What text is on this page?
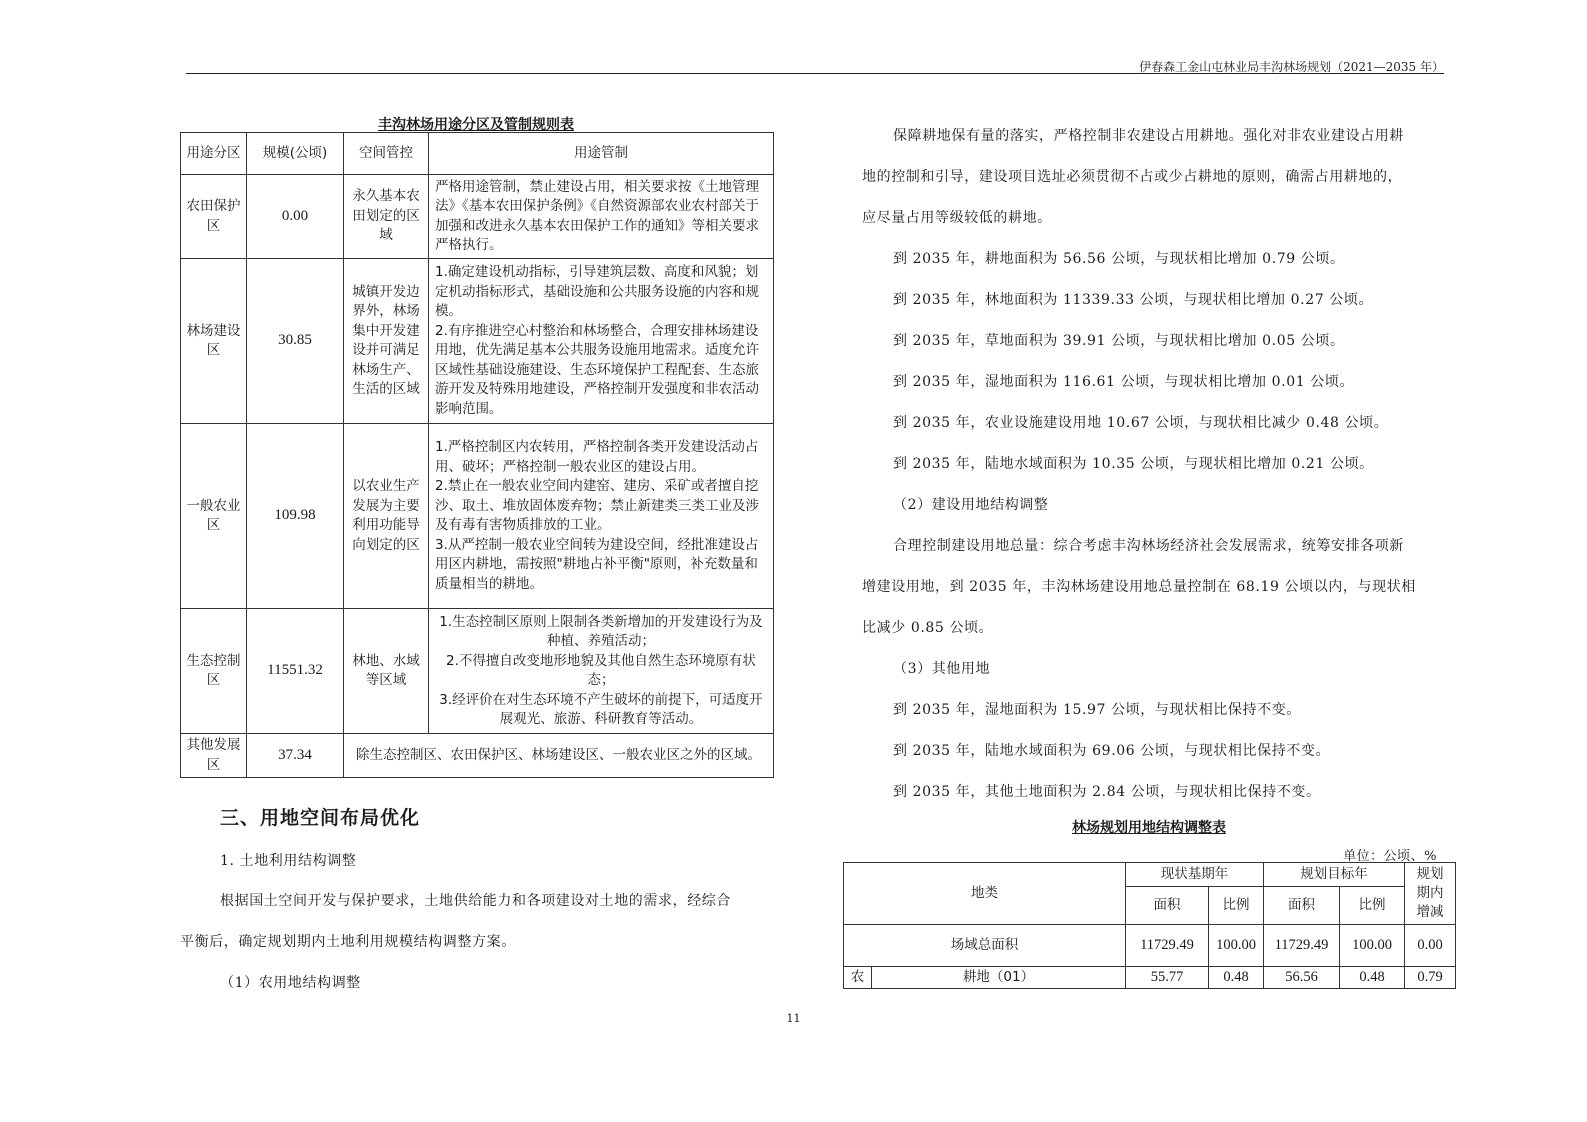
伊春森工金山屯林业局丰沟林场规划（2021—2035 年）
丰沟林场用途分区及管制规则表
用途分区	规模(公顷)	空间管控	用途管制
农田保护区	0.00	永久基本农田划定的区域	严格用途管制，禁止建设占用，相关要求按《土地管理法》《基本农田保护条例》《自然资源部农业农村部关于加强和改进永久基本农田保护工作的通知》等相关要求严格执行。

林场建设区	30.85	城镇开发边界外，林场集中开发建设并可满足林场生产、生活的区域	1.确定建设机动指标，引导建筑层数、高度和风貌；划定机动指标形式，基础设施和公共服务设施的内容和规模。
2.有序推进空心村整治和林场整合，合理安排林场建设用地，优先满足基本公共服务设施用地需求。适度允许区域性基础设施建设、生态环境保护工程配套、生态旅游开发及特殊用地建设，严格控制开发强度和非农活动影响范围。

一般农业区	109.98	以农业生产发展为主要 利用功能导向划定的区	1.严格控制区内农转用，严格控制各类开发建设活动占用、破坏；严格控制一般农业区的建设占用。
2.禁止在一般农业空间内建窑、建房、采矿或者擅自挖沙、取土、堆放固体废弃物；禁止新建类三类工业及涉及有毒有害物质排放的工业。
3.从严控制一般农业空间转为建设空间，经批准建设占用区内耕地，需按照"耕地占补平衡"原则，补充数量和质量相当的耕地。

生态控制区	11551.32	林地、水域等区域	1.生态控制区原则上限制各类新增加的开发建设行为及种植、养殖活动；
2.不得擅自改变地形地貌及其他自然生态环境原有状态；
3.经评价在对生态环境不产生破坏的前提下，可适度开展观光、旅游、科研教育等活动。

其他发展区	37.34	除生态控制区、农田保护区、林场建设区、一般农业区之外的区域。	
三、用地空间布局优化
1. 土地利用结构调整
根据国土空间开发与保护要求，土地供给能力和各项建设对土地的需求，经综合
平衡后，确定规划期内土地利用规模结构调整方案。
（1）农用地结构调整
保障耕地保有量的落实，严格控制非农建设占用耕地。强化对非农业建设占用耕
地的控制和引导，建设项目选址必须贯彻不占或少占耕地的原则，确需占用耕地的，
应尽量占用等级较低的耕地。
到 2035 年，耕地面积为 56.56 公顷，与现状相比增加 0.79 公顷。
到 2035 年，林地面积为 11339.33 公顷，与现状相比增加 0.27 公顷。
到 2035 年，草地面积为 39.91 公顷，与现状相比增加 0.05 公顷。
到 2035 年，湿地面积为 116.61 公顷，与现状相比增加 0.01 公顷。
到 2035 年，农业设施建设用地 10.67 公顷，与现状相比减少 0.48 公顷。
到 2035 年，陆地水域面积为 10.35 公顷，与现状相比增加 0.21 公顷。
（2）建设用地结构调整
合理控制建设用地总量：综合考虑丰沟林场经济社会发展需求，统筹安排各项新
增建设用地，到 2035 年，丰沟林场建设用地总量控制在 68.19 公顷以内，与现状相
比减少 0.85 公顷。
（3）其他用地
到 2035 年，湿地面积为 15.97 公顷，与现状相比保持不变。
到 2035 年，陆地水域面积为 69.06 公顷，与现状相比保持不变。
到 2035 年，其他土地面积为 2.84 公顷，与现状相比保持不变。
林场规划用地结构调整表
单位：公顷、%
地类		现状基期年		规划目标年		规划期内增减
		面积	比例	面积	比例	
场域总面积		11729.49	100.00	11729.49	100.00	0.00
农	耕地（01）	55.77	0.48	56.56	0.48	0.79
11
